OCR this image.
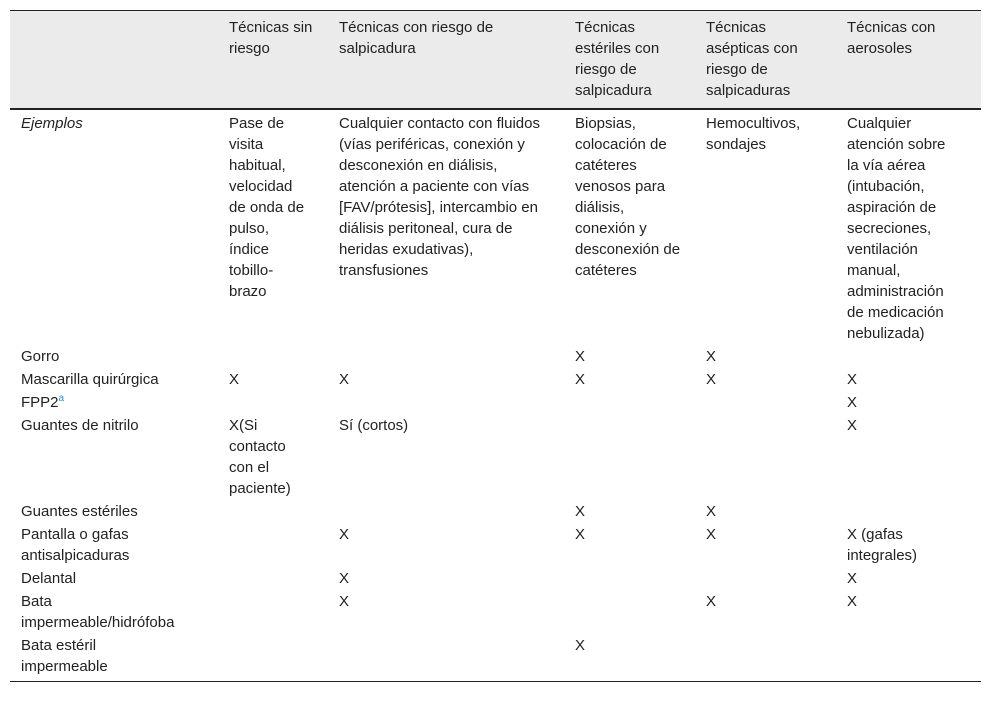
	Técnicas sin riesgo	Técnicas con riesgo de salpicadura	Técnicas estériles con riesgo de salpicadura	Técnicas asépticas con riesgo de salpicaduras	Técnicas con aerosoles
Ejemplos	Pase de visita habitual, velocidad de onda de pulso, índice tobillo-brazo	Cualquier contacto con fluidos (vías periféricas, conexión y desconexión en diálisis, atención a paciente con vías [FAV/prótesis], intercambio en diálisis peritoneal, cura de heridas exudativas), transfusiones	Biopsias, colocación de catéteres venosos para diálisis, conexión y desconexión de catéteres	Hemocultivos, sondajes	Cualquier atención sobre la vía aérea (intubación, aspiración de secreciones, ventilación manual, administración de medicación nebulizada)
Gorro			X	X	
Mascarilla quirúrgica	X	X	X	X	X
FPP2$^a$					X
Guantes de nitrilo	X(Si contacto con el paciente)	Sí (cortos)			X
Guantes estériles			X	X	
Pantalla o gafas antisalpicaduras		X	X	X	X (gafas integrales)
Delantal		X			X
Bata impermeable/hidrófoba		X		X	X
Bata estéril impermeable			X		
